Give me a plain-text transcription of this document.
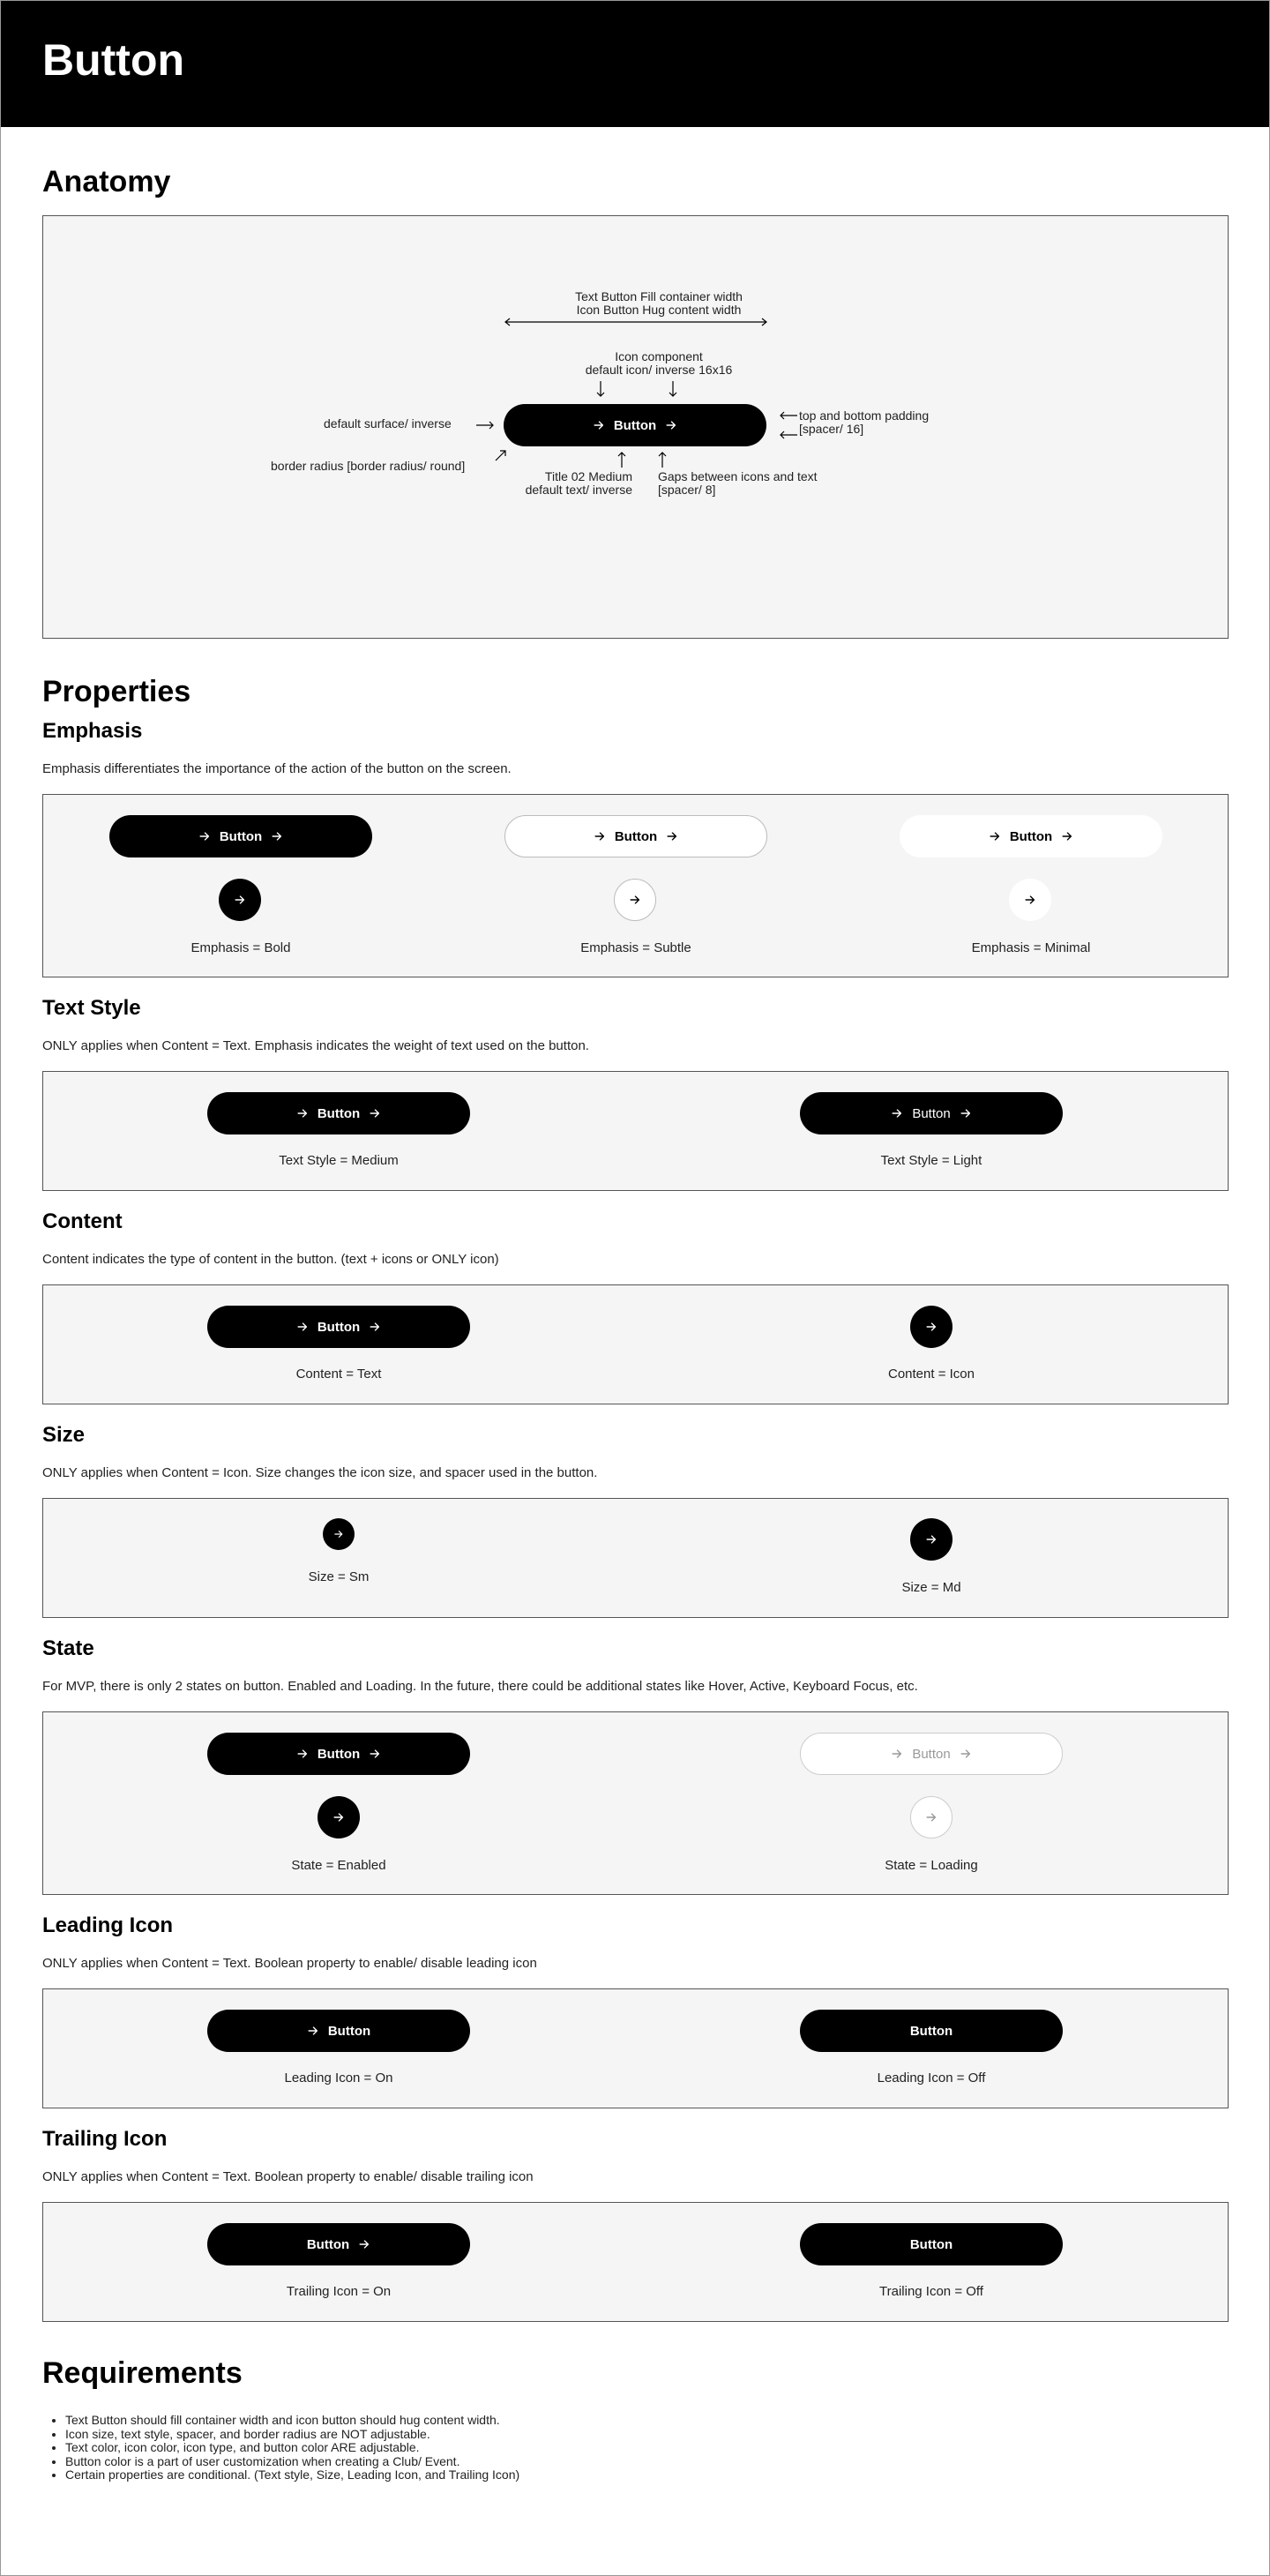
Button
Anatomy
Text Button Fill container width
Icon Button Hug content width
Icon component
default icon/ inverse 16x16
default surface/ inverse	Button
top and bottom padding
[spacer/ 16]
border radius [border radius/ round]
Title 02 Medium
default text/ inverse
Gaps between icons and text
[spacer/ 8]
Properties
Emphasis

Emphasis differentiates the importance of the action of the button on the screen.

Button	Button	Button
Emphasis = Bold	Emphasis = Subtle	Emphasis = Minimal
Text Style

ONLY applies when Content = Text. Emphasis indicates the weight of text used on the button.

Button	Button
Text Style = Medium	Text Style = Light
Content

Content indicates the type of content in the button. (text + icons or ONLY icon)

Button
Content = Text	Content = Icon
Size

ONLY applies when Content = Icon. Size changes the icon size, and spacer used in the button.

Size = Sm
Size = Md
State

For MVP, there is only 2 states on button. Enabled and Loading. In the future, there could be additional states like Hover, Active, Keyboard Focus, etc.

Button	Button
State = Enabled	State = Loading
Leading Icon

ONLY applies when Content = Text. Boolean property to enable/ disable leading icon

Button	Button
Leading Icon = On	Leading Icon = Off
Trailing Icon

ONLY applies when Content = Text. Boolean property to enable/ disable trailing icon

Button	Button
Trailing Icon = On	Trailing Icon = Off
Requirements
• Text Button should fill container width and icon button should hug content width.
• Icon size, text style, spacer, and border radius are NOT adjustable.
• Text color, icon color, icon type, and button color ARE adjustable.
• Button color is a part of user customization when creating a Club/ Event.
• Certain properties are conditional. (Text style, Size, Leading Icon, and Trailing Icon)
